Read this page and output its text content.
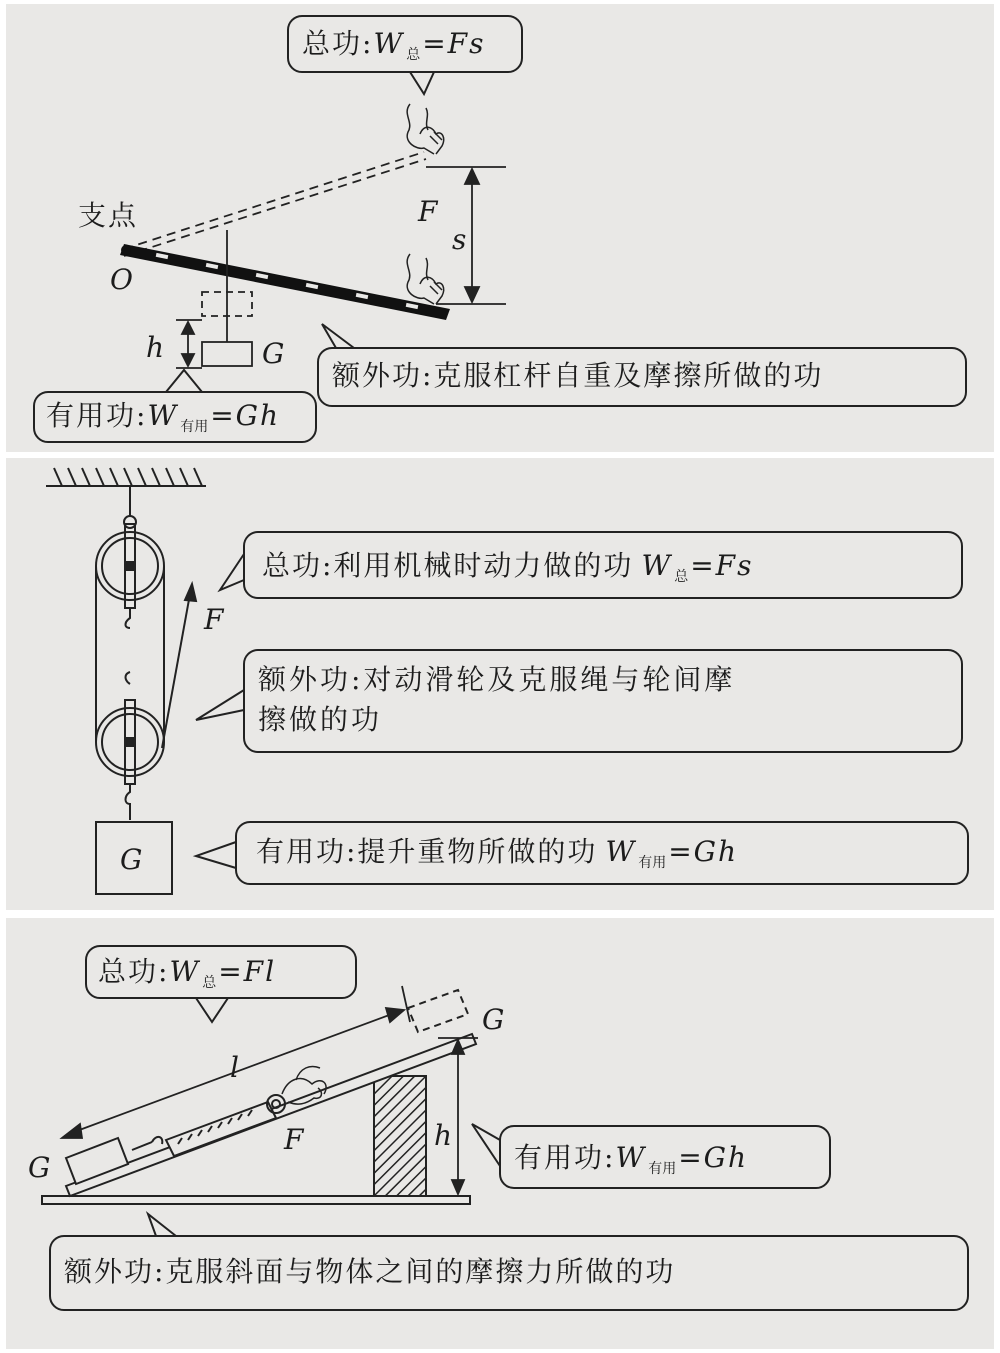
支点
O
F
s
h	G
总功:W $_总$=Fs
额外功:克服杠杆自重及摩擦所做的功
有用功:W $_{有用}$=Gh
F
G
总功:利用机械时动力做的功 W $_总$=Fs
额外功:对动滑轮及克服绳与轮间摩
擦做的功
有用功:提升重物所做的功 W $_{有用}$=Gh
l
F	h
G
G
总功:W $_总$=Fl
有用功:W $_{有用}$=Gh
额外功:克服斜面与物体之间的摩擦力所做的功
